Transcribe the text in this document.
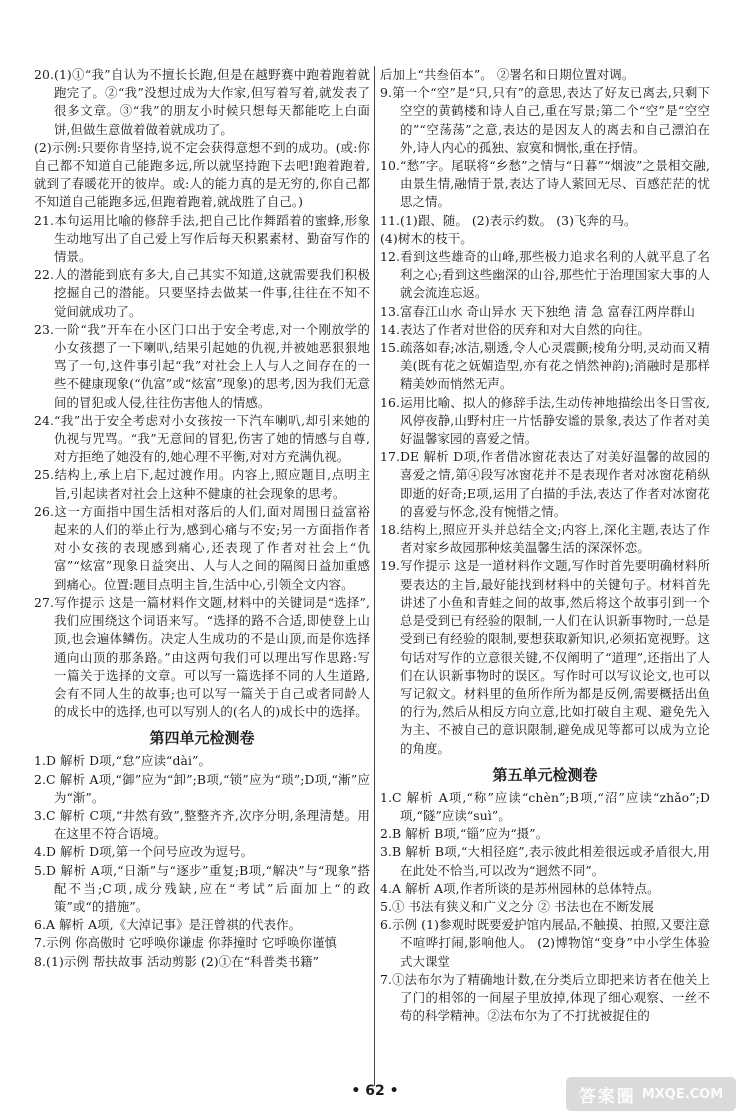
20.(1)①“我”自认为不擅长长跑,但是在越野赛中跑着跑着就跑完了。②“我”没想过成为大作家,但写着写着,就发表了很多文章。③“我”的朋友小时候只想每天都能吃上白面饼,但做生意做着做着就成功了。

(2)示例:只要你肯坚持,说不定会获得意想不到的成功。(或:你自己都不知道自己能跑多远,所以就坚持跑下去吧!跑着跑着,就到了春暖花开的彼岸。或:人的能力真的是无穷的,你自己都不知道自己能跑多远,但跑着跑着,就战胜了自己。)

21.本句运用比喻的修辞手法,把自己比作舞蹈着的蜜蜂,形象生动地写出了自己爱上写作后每天积累素材、勤奋写作的情景。

22.人的潜能到底有多大,自己其实不知道,这就需要我们积极挖掘自己的潜能。只要坚持去做某一件事,往往在不知不觉间就成功了。

23.一阶“我”开车在小区门口出于安全考虑,对一个刚放学的小女孩摁了一下喇叭,结果引起她的仇视,并被她恶狠狠地骂了一句,这件事引起“我”对社会上人与人之间存在的一些不健康现象(“仇富”或“炫富”现象)的思考,因为我们无意间的冒犯或人侵,往往伤害他人的情感。

24.“我”出于安全考虑对小女孩按一下汽车喇叭,却引来她的仇视与咒骂。“我”无意间的冒犯,伤害了她的情感与自尊,对方拒绝了她没有的,她心理不平衡,对对方充满仇视。

25.结构上,承上启下,起过渡作用。内容上,照应题目,点明主旨,引起读者对社会上这种不健康的社会现象的思考。

26.这一方面指中国生活相对落后的人们,面对周围日益富裕起来的人们的举止行为,感到心痛与不安;另一方面指作者对小女孩的表现感到痛心,还表现了作者对社会上“仇富”“炫富”现象日益突出、人与人之间的隔阂日益加重感到痛心。位置:题目点明主旨,生活中心,引领全文内容。

27.写作提示 这是一篇材料作文题,材料中的关键词是“选择”,我们应围绕这个词语来写。“选择的路不合适,即使登上山顶,也会遍体鳞伤。决定人生成功的不是山顶,而是你选择通向山顶的那条路。”由这两句我们可以理出写作思路:写一篇关于选择的文章。可以写一篇选择不同的人生道路,会有不同人生的故事;也可以写一篇关于自己或者同龄人的成长中的选择,也可以写别人的(名人的)成长中的选择。

第四单元检测卷

1.D 解析 D项,“怠”应读“dài”。

2.C 解析 A项,“御”应为“卸”;B项,“锁”应为“琐”;D项,“漸”应为“渐”。

3.C 解析 C项,“井然有致”,整整齐齐,次序分明,条理清楚。用在这里不符合语境。

4.D 解析 D项,第一个问号应改为逗号。

5.D 解析 A项,“日渐”与“逐步”重复;B项,“解决”与“现象”搭配不当;C项,成分残缺,应在“考试”后面加上“的政策”或“的措施”。

6.A 解析 A项,《大淖记事》是汪曾祺的代表作。

7.示例 你高傲时 它呼唤你谦虚 你莽撞时 它呼唤你谨慎

8.(1)示例 帮扶故事 活动剪影 (2)①在“科普类书籍”

后加上“共叁佰本”。 ②署名和日期位置对调。

9.第一个“空”是“只,只有”的意思,表达了好友已离去,只剩下空空的黄鹤楼和诗人自己,重在写景;第二个“空”是“空空的”“空荡荡”之意,表达的是因友人的离去和自己漂泊在外,诗人内心的孤独、寂寞和惆怅,重在抒情。

10.“愁”字。尾联将“乡愁”之情与“日暮”“烟波”之景相交融,由景生情,融情于景,表达了诗人萦回无尽、百感茫茫的忧思之情。

11.(1)跟、随。 (2)表示约数。 (3)飞奔的马。

(4)树木的枝干。

12.看到这些雄奇的山峰,那些极力追求名利的人就平息了名利之心;看到这些幽深的山谷,那些忙于治理国家大事的人就会流连忘返。

13.富春江山水 奇山异水 天下独绝 清 急 富春江两岸群山

14.表达了作者对世俗的厌弃和对大自然的向往。

15.疏落如春;冰洁,剔透,令人心灵震颤;棱角分明,灵动而又精美(既有花之妩媚造型,亦有花之悄然神韵);消融时是那样精美妙而悄然无声。

16.运用比喻、拟人的修辞手法,生动传神地描绘出冬日雪夜,风停夜静,山野村庄一片恬静安谧的景象,表达了作者对美好温馨家园的喜爱之情。

17.DE 解析 D项,作者借冰窗花表达了对美好温馨的故园的喜爱之情,第④段写冰窗花并不是表现作者对冰窗花稍纵即逝的好奇;E项,运用了白描的手法,表达了作者对冰窗花的喜爱与怀念,没有惋惜之情。

18.结构上,照应开头并总结全文;内容上,深化主题,表达了作者对家乡故园那种炫美温馨生活的深深怀恋。

19.写作提示 这是一道材料作文题,写作时首先要明确材料所要表达的主旨,最好能找到材料中的关键句子。材料首先讲述了小鱼和青蛙之间的故事,然后将这个故事引到一个总是受到已有经验的限制,一人们在认识新事物时,一总是受到已有经验的限制,要想获取新知识,必须拓宽视野。这句话对写作的立意很关键,不仅阐明了“道理”,还指出了人们在认识新事物时的误区。写作时可以写议论文,也可以写记叙文。材料里的鱼所作所为都是反例,需要概括出鱼的行为,然后从相反方向立意,比如打破自主观、避免先入为主、不被自己的意识限制,避免成见等都可以成为立论的角度。

第五单元检测卷

1.C 解析 A项,“称”应读“chèn”;B项,“沼”应读“zhǎo”;D项,“隧”应读“suì”。

2.B 解析 B项,“锱”应为“摄”。

3.B 解析 B项,“大相径庭”,表示彼此相差很远或矛盾很大,用在此处不恰当,可以改为“迥然不同”。

4.A 解析 A项,作者所谈的是苏州园林的总体特点。

5.① 书法有狭义和广义之分 ② 书法也在不断发展

6.示例 (1)参观时既要爱护馆内展品,不触摸、拍照,又要注意不喧哗打闹,影响他人。 (2)博物馆“变身”中小学生体验式大课堂

7.①法布尔为了精确地计数,在分类后立即把来访者在他关上了门的相邻的一间屋子里放掉,体现了细心观察、一丝不苟的科学精神。②法布尔为了不打扰被捉住的

• 62 •	答案圈 MXQE.COM
